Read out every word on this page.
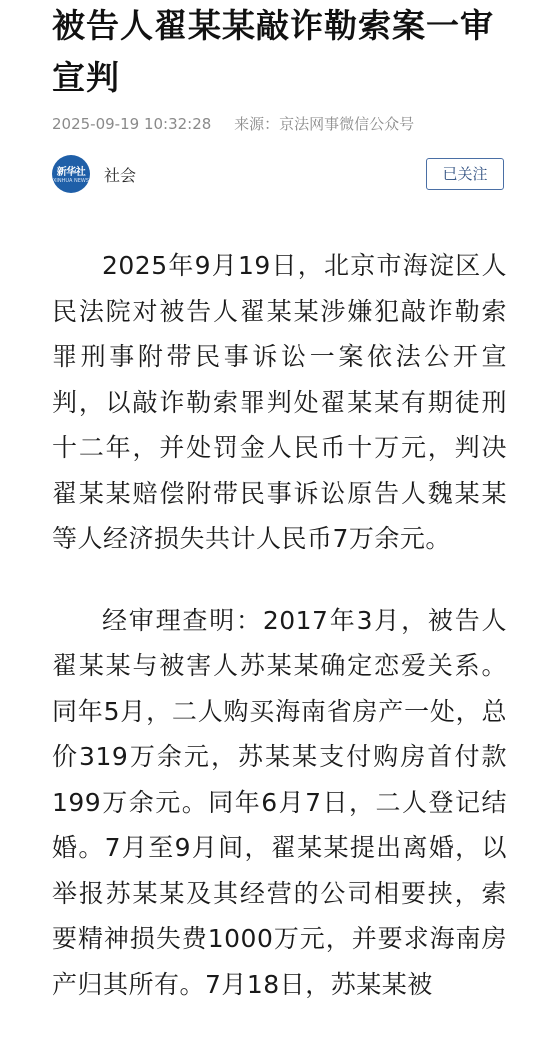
被告人翟某某敲诈勒索案一审宣判
2025-09-19 10:32:28 来源：京法网事微信公众号
新华社
XINHUA NEWS 社会	已关注

2025年9月19日，北京市海淀区人民法院对被告人翟某某涉嫌犯敲诈勒索罪刑事附带民事诉讼一案依法公开宣判，以敲诈勒索罪判处翟某某有期徒刑十二年，并处罚金人民币十万元，判决翟某某赔偿附带民事诉讼原告人魏某某等人经济损失共计人民币7万余元。

经审理查明：2017年3月，被告人翟某某与被害人苏某某确定恋爱关系。同年5月，二人购买海南省房产一处，总价319万余元，苏某某支付购房首付款199万余元。同年6月7日，二人登记结婚。7月至9月间，翟某某提出离婚，以举报苏某某及其经营的公司相要挟，索要精神损失费1000万元，并要求海南房产归其所有。7月18日，苏某某被
